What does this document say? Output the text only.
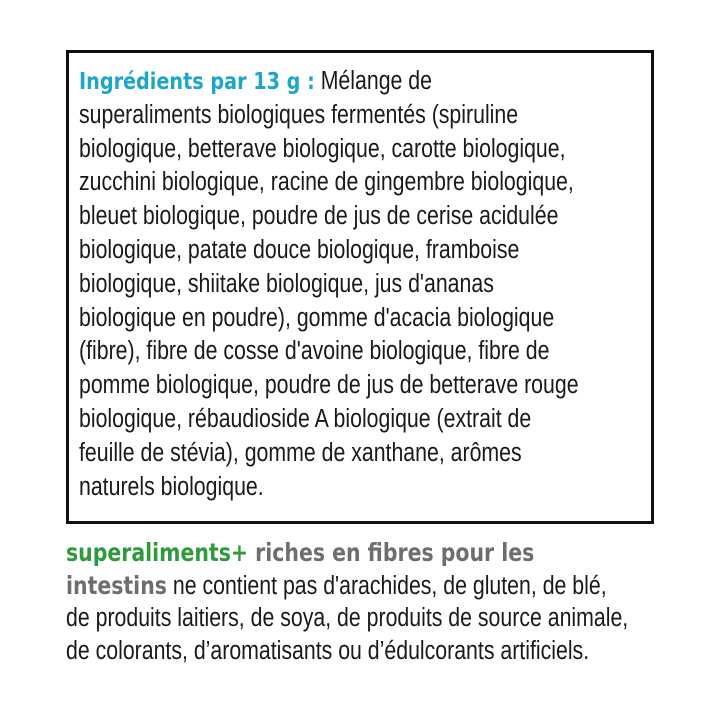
Ingrédients par 13 g : Mélange de
superaliments biologiques fermentés (spiruline
biologique, betterave biologique, carotte biologique,
zucchini biologique, racine de gingembre biologique,
bleuet biologique, poudre de jus de cerise acidulée
biologique, patate douce biologique, framboise
biologique, shiitake biologique, jus d'ananas
biologique en poudre), gomme d'acacia biologique
(fibre), fibre de cosse d'avoine biologique, fibre de
pomme biologique, poudre de jus de betterave rouge
biologique, rébaudioside A biologique (extrait de
feuille de stévia), gomme de xanthane, arômes
naturels biologique.
superaliments+ riches en fibres pour les
intestins ne contient pas d'arachides, de gluten, de blé,
de produits laitiers, de soya, de produits de source animale,
de colorants, d’aromatisants ou d’édulcorants artificiels.
